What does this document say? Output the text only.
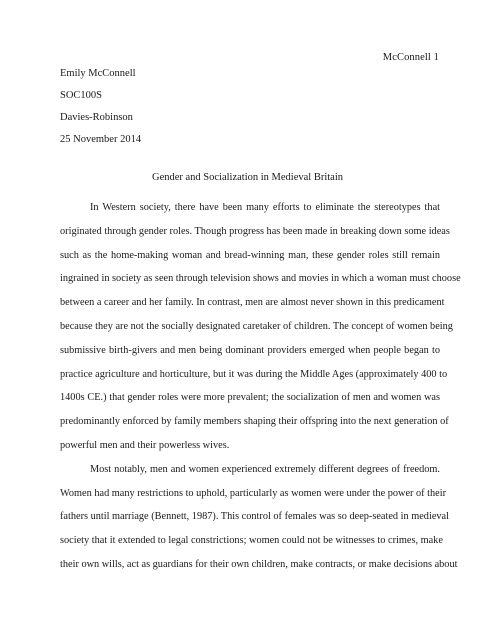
McConnell 1
Emily McConnell
SOC100S
Davies-Robinson
25 November 2014
Gender and Socialization in Medieval Britain

In Western society, there have been many efforts to eliminate the stereotypes that
originated through gender roles. Though progress has been made in breaking down some ideas
such as the home-making woman and bread-winning man, these gender roles still remain
ingrained in society as seen through television shows and movies in which a woman must choose
between a career and her family. In contrast, men are almost never shown in this predicament
because they are not the socially designated caretaker of children. The concept of women being
submissive birth-givers and men being dominant providers emerged when people began to
practice agriculture and horticulture, but it was during the Middle Ages (approximately 400 to
1400s CE.) that gender roles were more prevalent; the socialization of men and women was
predominantly enforced by family members shaping their offspring into the next generation of
powerful men and their powerless wives.

Most notably, men and women experienced extremely different degrees of freedom.
Women had many restrictions to uphold, particularly as women were under the power of their
fathers until marriage (Bennett, 1987). This control of females was so deep-seated in medieval
society that it extended to legal constrictions; women could not be witnesses to crimes, make
their own wills, act as guardians for their own children, make contracts, or make decisions about
